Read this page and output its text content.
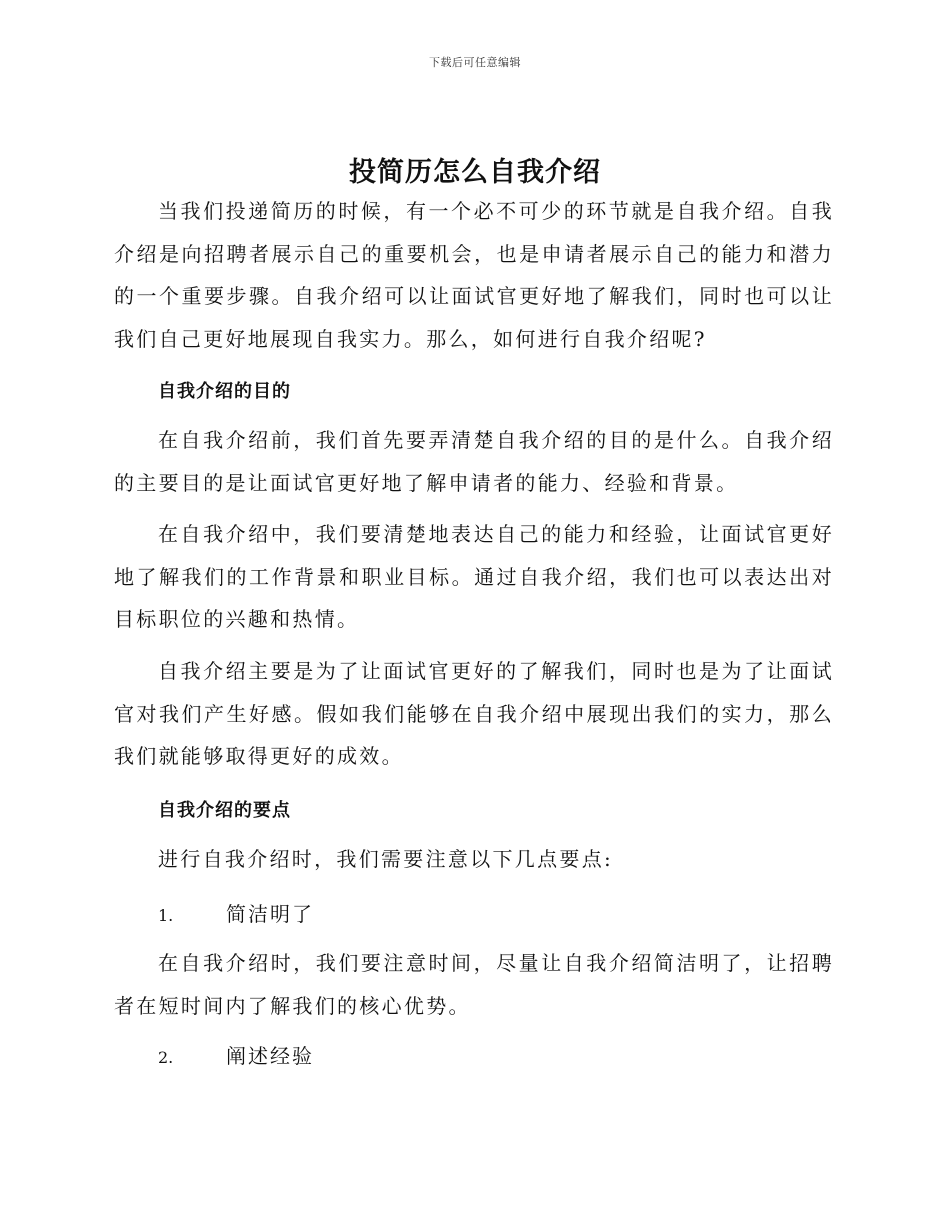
下载后可任意编辑
投简历怎么自我介绍

当我们投递简历的时候，有一个必不可少的环节就是自我介绍。自我介绍是向招聘者展示自己的重要机会，也是申请者展示自己的能力和潜力的一个重要步骤。自我介绍可以让面试官更好地了解我们，同时也可以让我们自己更好地展现自我实力。那么，如何进行自我介绍呢?

自我介绍的目的

在自我介绍前，我们首先要弄清楚自我介绍的目的是什么。自我介绍的主要目的是让面试官更好地了解申请者的能力、经验和背景。

在自我介绍中，我们要清楚地表达自己的能力和经验，让面试官更好地了解我们的工作背景和职业目标。通过自我介绍，我们也可以表达出对目标职位的兴趣和热情。

自我介绍主要是为了让面试官更好的了解我们，同时也是为了让面试官对我们产生好感。假如我们能够在自我介绍中展现出我们的实力，那么我们就能够取得更好的成效。

自我介绍的要点

进行自我介绍时，我们需要注意以下几点要点:

1.	简洁明了

在自我介绍时，我们要注意时间，尽量让自我介绍简洁明了，让招聘者在短时间内了解我们的核心优势。

2.	阐述经验
